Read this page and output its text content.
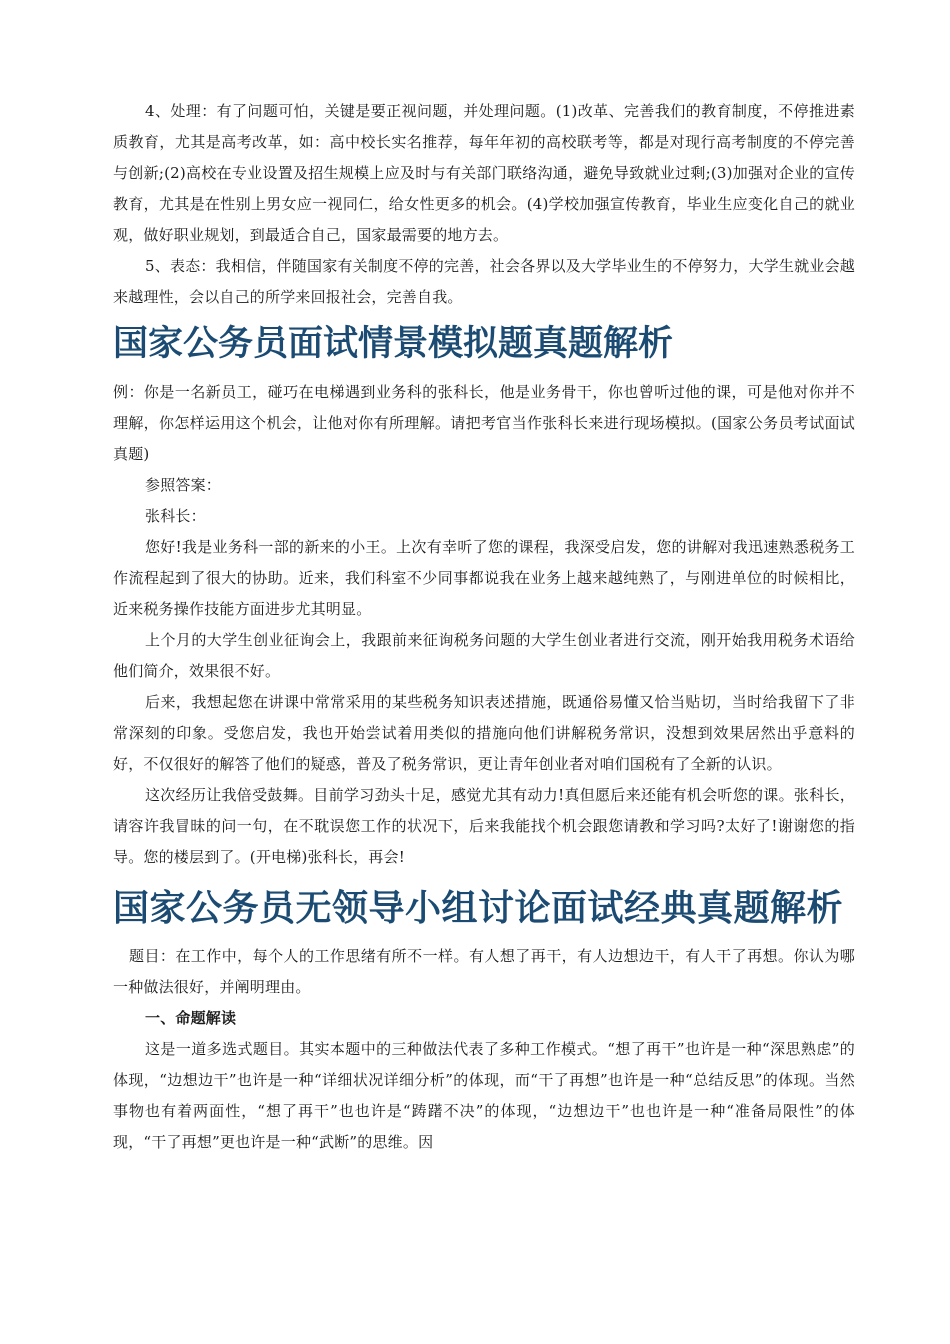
4、处理：有了问题可怕，关键是要正视问题，并处理问题。(1)改革、完善我们的教育制度，不停推进素质教育，尤其是高考改革，如：高中校长实名推荐，每年年初的高校联考等，都是对现行高考制度的不停完善与创新;(2)高校在专业设置及招生规模上应及时与有关部门联络沟通，避免导致就业过剩;(3)加强对企业的宣传教育，尤其是在性别上男女应一视同仁，给女性更多的机会。(4)学校加强宣传教育，毕业生应变化自己的就业观，做好职业规划，到最适合自己，国家最需要的地方去。

5、表态：我相信，伴随国家有关制度不停的完善，社会各界以及大学毕业生的不停努力，大学生就业会越来越理性，会以自己的所学来回报社会，完善自我。

国家公务员面试情景模拟题真题解析

例：你是一名新员工，碰巧在电梯遇到业务科的张科长，他是业务骨干，你也曾听过他的课，可是他对你并不理解，你怎样运用这个机会，让他对你有所理解。请把考官当作张科长来进行现场模拟。(国家公务员考试面试真题)

参照答案：

张科长：

您好!我是业务科一部的新来的小王。上次有幸听了您的课程，我深受启发，您的讲解对我迅速熟悉税务工作流程起到了很大的协助。近来，我们科室不少同事都说我在业务上越来越纯熟了，与刚进单位的时候相比，近来税务操作技能方面进步尤其明显。

上个月的大学生创业征询会上，我跟前来征询税务问题的大学生创业者进行交流，刚开始我用税务术语给他们简介，效果很不好。

后来，我想起您在讲课中常常采用的某些税务知识表述措施，既通俗易懂又恰当贴切，当时给我留下了非常深刻的印象。受您启发，我也开始尝试着用类似的措施向他们讲解税务常识，没想到效果居然出乎意料的好，不仅很好的解答了他们的疑惑，普及了税务常识，更让青年创业者对咱们国税有了全新的认识。

这次经历让我倍受鼓舞。目前学习劲头十足，感觉尤其有动力!真但愿后来还能有机会听您的课。张科长，请容许我冒昧的问一句，在不耽误您工作的状况下，后来我能找个机会跟您请教和学习吗?太好了!谢谢您的指导。您的楼层到了。(开电梯)张科长，再会!

国家公务员无领导小组讨论面试经典真题解析

题目：在工作中，每个人的工作思绪有所不一样。有人想了再干，有人边想边干，有人干了再想。你认为哪一种做法很好，并阐明理由。

一、命题解读

这是一道多选式题目。其实本题中的三种做法代表了多种工作模式。“想了再干”也许是一种“深思熟虑”的体现，“边想边干”也许是一种“详细状况详细分析”的体现，而“干了再想”也许是一种“总结反思”的体现。当然事物也有着两面性，“想了再干”也也许是“踌躇不决”的体现，“边想边干”也也许是一种“准备局限性”的体现，“干了再想”更也许是一种“武断”的思维。因
